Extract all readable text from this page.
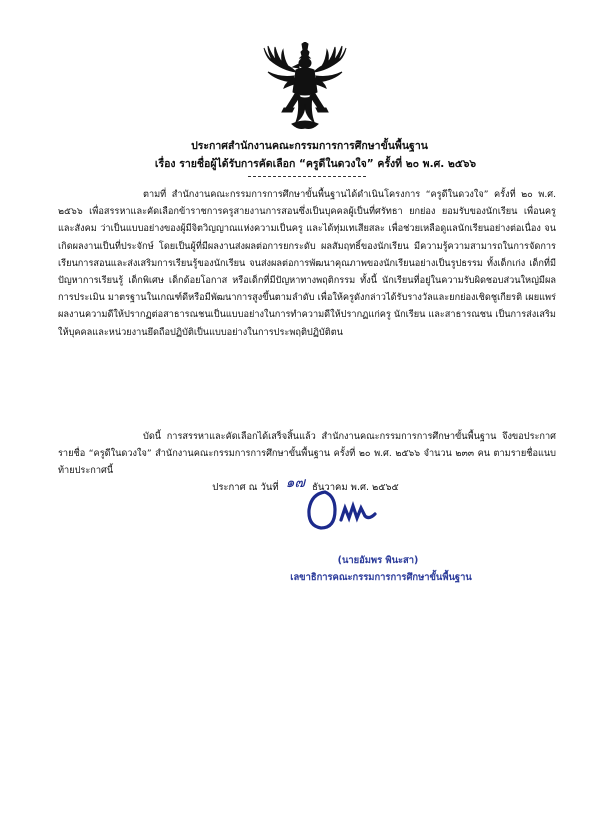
ประกาศสำนักงานคณะกรรมการการศึกษาขั้นพื้นฐาน
เรื่อง รายชื่อผู้ได้รับการคัดเลือก “ครูดีในดวงใจ” ครั้งที่ ๒๐ พ.ศ. ๒๕๖๖

ตามที่ สำนักงานคณะกรรมการการศึกษาขั้นพื้นฐานได้ดำเนินโครงการ “ครูดีในดวงใจ” ครั้งที่ ๒๐ พ.ศ. ๒๕๖๖ เพื่อสรรหาและคัดเลือกข้าราชการครูสายงานการสอนซึ่งเป็นบุคคลผู้เป็นที่ศรัทธา ยกย่อง ยอมรับของนักเรียน เพื่อนครู และสังคม ว่าเป็นแบบอย่างของผู้มีจิตวิญญาณแห่งความเป็นครู และได้ทุ่มเทเสียสละ เพื่อช่วยเหลือดูแลนักเรียนอย่างต่อเนื่อง จนเกิดผลงานเป็นที่ประจักษ์ โดยเป็นผู้ที่มีผลงานส่งผลต่อการยกระดับ ผลสัมฤทธิ์ของนักเรียน มีความรู้ความสามารถในการจัดการเรียนการสอนและส่งเสริมการเรียนรู้ของนักเรียน จนส่งผลต่อการพัฒนาคุณภาพของนักเรียนอย่างเป็นรูปธรรม ทั้งเด็กเก่ง เด็กที่มีปัญหาการเรียนรู้ เด็กพิเศษ เด็กด้อยโอกาส หรือเด็กที่มีปัญหาทางพฤติกรรม ทั้งนี้ นักเรียนที่อยู่ในความรับผิดชอบส่วนใหญ่มีผลการประเมิน มาตรฐานในเกณฑ์ดีหรือมีพัฒนาการสูงขึ้นตามลำดับ เพื่อให้ครูดังกล่าวได้รับรางวัลและยกย่องเชิดชูเกียรติ เผยแพร่ ผลงานความดีให้ปรากฏต่อสาธารณชนเป็นแบบอย่างในการทำความดีให้ปรากฏแก่ครู นักเรียน และสาธารณชน เป็นการส่งเสริมให้บุคคลและหน่วยงานยึดถือปฏิบัติเป็นแบบอย่างในการประพฤติปฏิบัติตน

บัดนี้ การสรรหาและคัดเลือกได้เสร็จสิ้นแล้ว สำนักงานคณะกรรมการการศึกษาขั้นพื้นฐาน จึงขอประกาศรายชื่อ “ครูดีในดวงใจ” สำนักงานคณะกรรมการการศึกษาขั้นพื้นฐาน ครั้งที่ ๒๐ พ.ศ. ๒๕๖๖ จำนวน ๒๓๓ คน ตามรายชื่อแนบท้ายประกาศนี้

ประกาศ ณ วันที่ ๑๗ ธันวาคม พ.ศ. ๒๕๖๕
(นายอัมพร พินะสา)
เลขาธิการคณะกรรมการการศึกษาขั้นพื้นฐาน
